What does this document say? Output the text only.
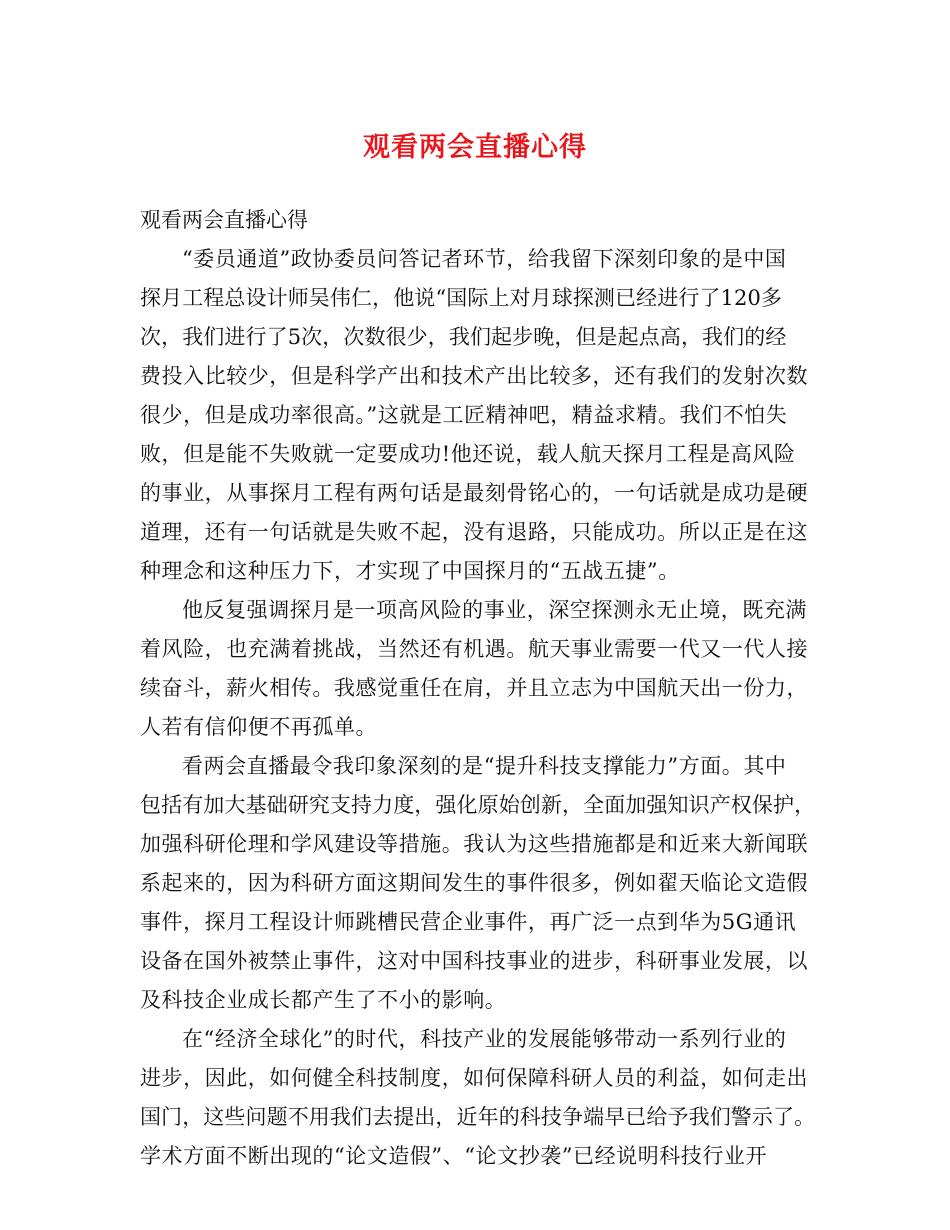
观看两会直播心得

观看两会直播心得

“委员通道”政协委员问答记者环节，给我留下深刻印象的是中国

探月工程总设计师吴伟仁，他说“国际上对月球探测已经进行了120多

次，我们进行了5次，次数很少，我们起步晚，但是起点高，我们的经

费投入比较少，但是科学产出和技术产出比较多，还有我们的发射次数

很少，但是成功率很高。”这就是工匠精神吧，精益求精。我们不怕失

败，但是能不失败就一定要成功!他还说，载人航天探月工程是高风险

的事业，从事探月工程有两句话是最刻骨铭心的，一句话就是成功是硬

道理，还有一句话就是失败不起，没有退路，只能成功。所以正是在这

种理念和这种压力下，才实现了中国探月的“五战五捷”。

他反复强调探月是一项高风险的事业，深空探测永无止境，既充满

着风险，也充满着挑战，当然还有机遇。航天事业需要一代又一代人接

续奋斗，薪火相传。我感觉重任在肩，并且立志为中国航天出一份力，

人若有信仰便不再孤单。

看两会直播最令我印象深刻的是“提升科技支撑能力”方面。其中

包括有加大基础研究支持力度，强化原始创新，全面加强知识产权保护，

加强科研伦理和学风建设等措施。我认为这些措施都是和近来大新闻联

系起来的，因为科研方面这期间发生的事件很多，例如翟天临论文造假

事件，探月工程设计师跳槽民营企业事件，再广泛一点到华为5G通讯

设备在国外被禁止事件，这对中国科技事业的进步，科研事业发展，以

及科技企业成长都产生了不小的影响。

在“经济全球化”的时代，科技产业的发展能够带动一系列行业的

进步，因此，如何健全科技制度，如何保障科研人员的利益，如何走出

国门，这些问题不用我们去提出，近年的科技争端早已给予我们警示了。

学术方面不断出现的“论文造假”、“论文抄袭”已经说明科技行业开
